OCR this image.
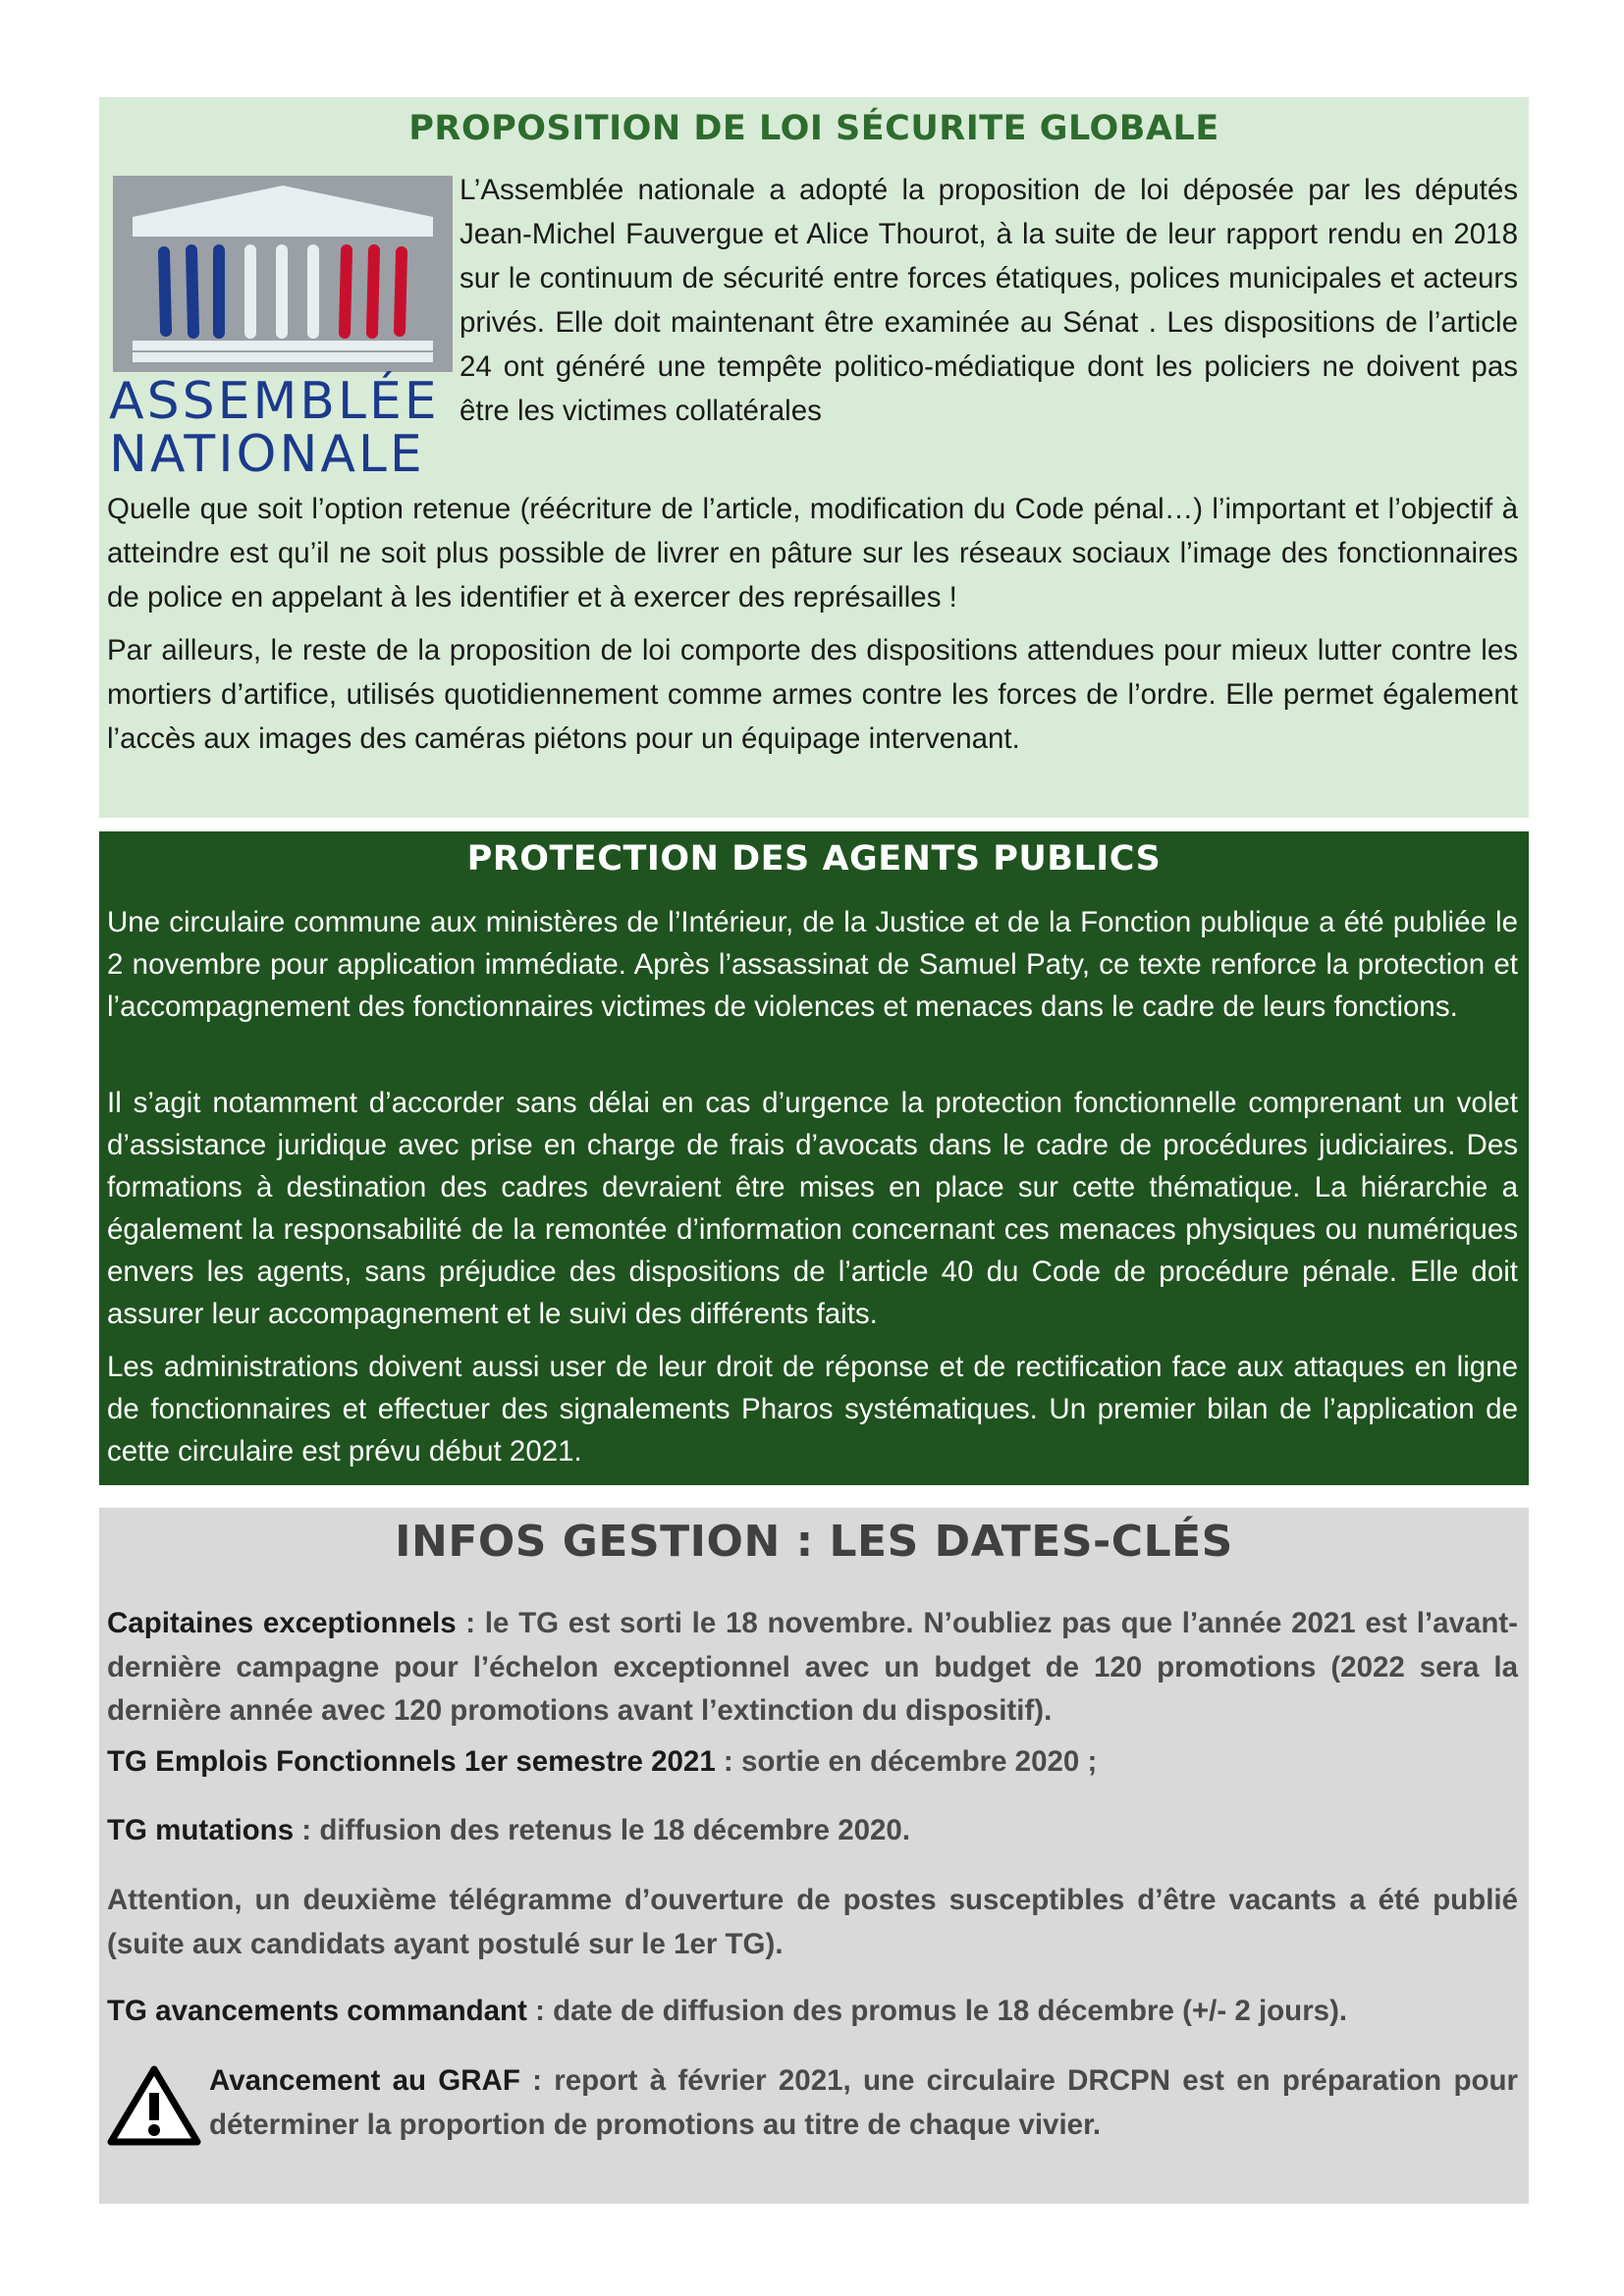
PROPOSITION DE LOI SÉCURITE GLOBALE
ASSEMBLÉE
NATIONALE

L’Assemblée nationale a adopté la proposition de loi déposée par les députés Jean-Michel Fauvergue et Alice Thourot, à la suite de leur rapport rendu en 2018 sur le continuum de sécurité entre forces étatiques, polices municipales et acteurs privés. Elle doit maintenant être examinée au Sénat . Les dispositions de l’article 24 ont généré une tempête politico-médiatique dont les policiers ne doivent pas être les victimes collatérales

Quelle que soit l’option retenue (réécriture de l’article, modification du Code pénal…) l’important et l’objectif à atteindre est qu’il ne soit plus possible de livrer en pâture sur les réseaux sociaux l’image des fonctionnaires de police en appelant à les identifier et à exercer des représailles !

Par ailleurs, le reste de la proposition de loi comporte des dispositions attendues pour mieux lutter contre les mortiers d’artifice, utilisés quotidiennement comme armes contre les forces de l’ordre. Elle permet également l’accès aux images des caméras piétons pour un équipage intervenant.

PROTECTION DES AGENTS PUBLICS

Une circulaire commune aux ministères de l’Intérieur, de la Justice et de la Fonction publique a été publiée le 2 novembre pour application immédiate. Après l’assassinat de Samuel Paty, ce texte renforce la protection et l’accompagnement des fonctionnaires victimes de violences et menaces dans le cadre de leurs fonctions.

Il s’agit notamment d’accorder sans délai en cas d’urgence la protection fonctionnelle comprenant un volet d’assistance juridique avec prise en charge de frais d’avocats dans le cadre de procédures judiciaires. Des formations à destination des cadres devraient être mises en place sur cette thématique. La hiérarchie a également la responsabilité de la remontée d’information concernant ces menaces physiques ou numériques envers les agents, sans préjudice des dispositions de l’article 40 du Code de procédure pénale. Elle doit assurer leur accompagnement et le suivi des différents faits.

Les administrations doivent aussi user de leur droit de réponse et de rectification face aux attaques en ligne de fonctionnaires et effectuer des signalements Pharos systématiques. Un premier bilan de l’application de cette circulaire est prévu début 2021.

INFOS GESTION : LES DATES-CLÉS

Capitaines exceptionnels : le TG est sorti le 18 novembre. N’oubliez pas que l’année 2021 est l’avant-dernière campagne pour l’échelon exceptionnel avec un budget de 120 promotions (2022 sera la dernière année avec 120 promotions avant l’extinction du dispositif).

TG Emplois Fonctionnels 1er semestre 2021 : sortie en décembre 2020 ;

TG mutations : diffusion des retenus le 18 décembre 2020.

Attention, un deuxième télégramme d’ouverture de postes susceptibles d’être vacants a été publié (suite aux candidats ayant postulé sur le 1er TG).

TG avancements commandant : date de diffusion des promus le 18 décembre (+/- 2 jours).

Avancement au GRAF : report à février 2021, une circulaire DRCPN est en préparation pour déterminer la proportion de promotions au titre de chaque vivier.
